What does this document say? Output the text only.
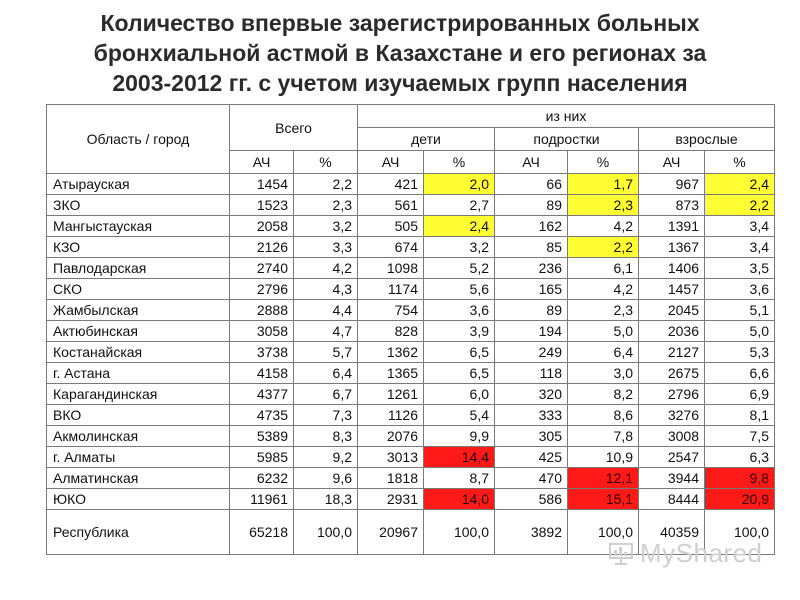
Количество впервые зарегистрированных больных
бронхиальной астмой в Казахстане и его регионах за
2003-2012 гг. с учетом изучаемых групп населения
Область / город	Всего		из них					
			дети		подростки		взрослые	
	АЧ	%	АЧ	%	АЧ	%	АЧ	%
Атырауская	1454	2,2	421	2,0	66	1,7	967	2,4
ЗКО	1523	2,3	561	2,7	89	2,3	873	2,2
Мангыстауская	2058	3,2	505	2,4	162	4,2	1391	3,4
КЗО	2126	3,3	674	3,2	85	2,2	1367	3,4
Павлодарская	2740	4,2	1098	5,2	236	6,1	1406	3,5
СКО	2796	4,3	1174	5,6	165	4,2	1457	3,6
Жамбылская	2888	4,4	754	3,6	89	2,3	2045	5,1
Актюбинская	3058	4,7	828	3,9	194	5,0	2036	5,0
Костанайская	3738	5,7	1362	6,5	249	6,4	2127	5,3
г. Астана	4158	6,4	1365	6,5	118	3,0	2675	6,6
Карагандинская	4377	6,7	1261	6,0	320	8,2	2796	6,9
ВКО	4735	7,3	1126	5,4	333	8,6	3276	8,1
Акмолинская	5389	8,3	2076	9,9	305	7,8	3008	7,5
г. Алматы	5985	9,2	3013	14,4	425	10,9	2547	6,3
Алматинская	6232	9,6	1818	8,7	470	12,1	3944	9,8
ЮКО	11961	18,3	2931	14,0	586	15,1	8444	20,9
Республика	65218	100,0	20967	100,0	3892	100,0	40359	100,0
MyShared
